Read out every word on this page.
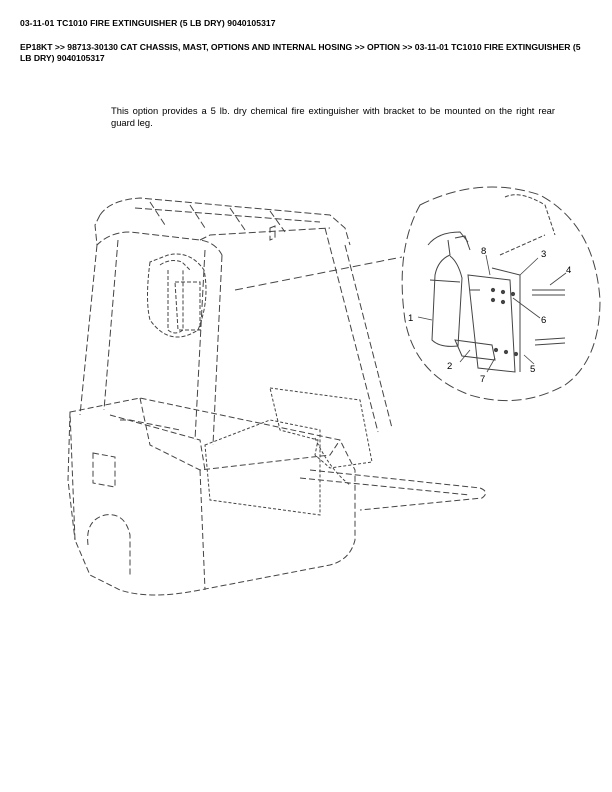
03-11-01 TC1010 FIRE EXTINGUISHER (5 LB DRY) 9040105317
EP18KT >> 98713-30130 CAT CHASSIS, MAST, OPTIONS AND INTERNAL HOSING >> OPTION >> 03-11-01 TC1010 FIRE EXTINGUISHER (5 LB DRY) 9040105317
This option provides a 5 lb. dry chemical fire extinguisher with bracket to be mounted on the right rear guard leg.
1
2
3
4
5
6
7
8
